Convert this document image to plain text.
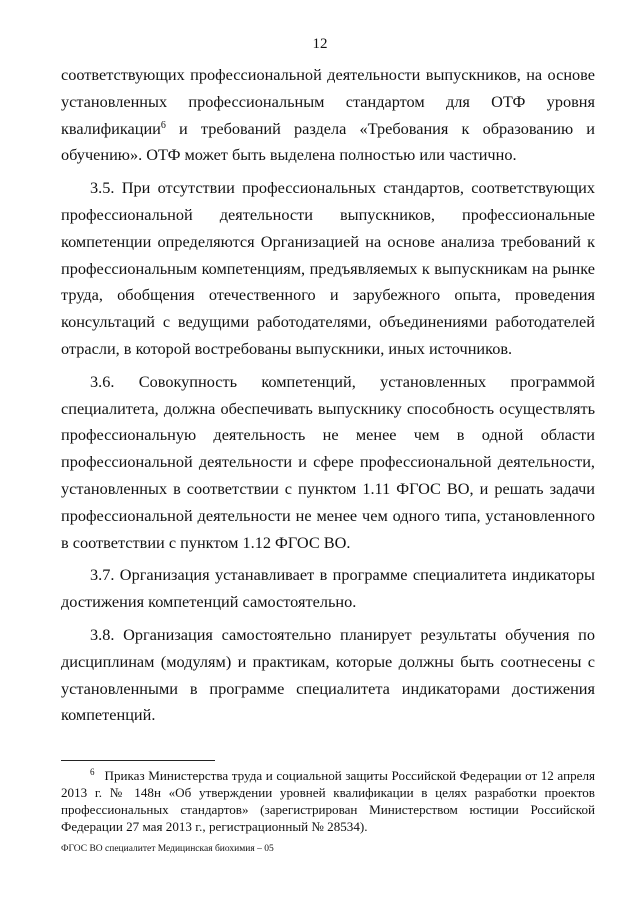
12

соответствующих профессиональной деятельности выпускников, на основе установленных профессиональным стандартом для ОТФ уровня квалификации$^6$ и требований раздела «Требования к образованию и обучению». ОТФ может быть выделена полностью или частично.

3.5. При отсутствии профессиональных стандартов, соответствующих профессиональной деятельности выпускников, профессиональные компетенции определяются Организацией на основе анализа требований к профессиональным компетенциям, предъявляемых к выпускникам на рынке труда, обобщения отечественного и зарубежного опыта, проведения консультаций с ведущими работодателями, объединениями работодателей отрасли, в которой востребованы выпускники, иных источников.

3.6. Совокупность компетенций, установленных программой специалитета, должна обеспечивать выпускнику способность осуществлять профессиональную деятельность не менее чем в одной области профессиональной деятельности и сфере профессиональной деятельности, установленных в соответствии с пунктом 1.11 ФГОС ВО, и решать задачи профессиональной деятельности не менее чем одного типа, установленного в соответствии с пунктом 1.12 ФГОС ВО.

3.7. Организация устанавливает в программе специалитета индикаторы достижения компетенций самостоятельно.

3.8. Организация самостоятельно планирует результаты обучения по дисциплинам (модулям) и практикам, которые должны быть соотнесены с установленными в программе специалитета индикаторами достижения компетенций.

$^6$ Приказ Министерства труда и социальной защиты Российской Федерации от 12 апреля 2013 г. № 148н «Об утверждении уровней квалификации в целях разработки проектов профессиональных стандартов» (зарегистрирован Министерством юстиции Российской Федерации 27 мая 2013 г., регистрационный № 28534).
ФГОС ВО специалитет Медицинская биохимия – 05
